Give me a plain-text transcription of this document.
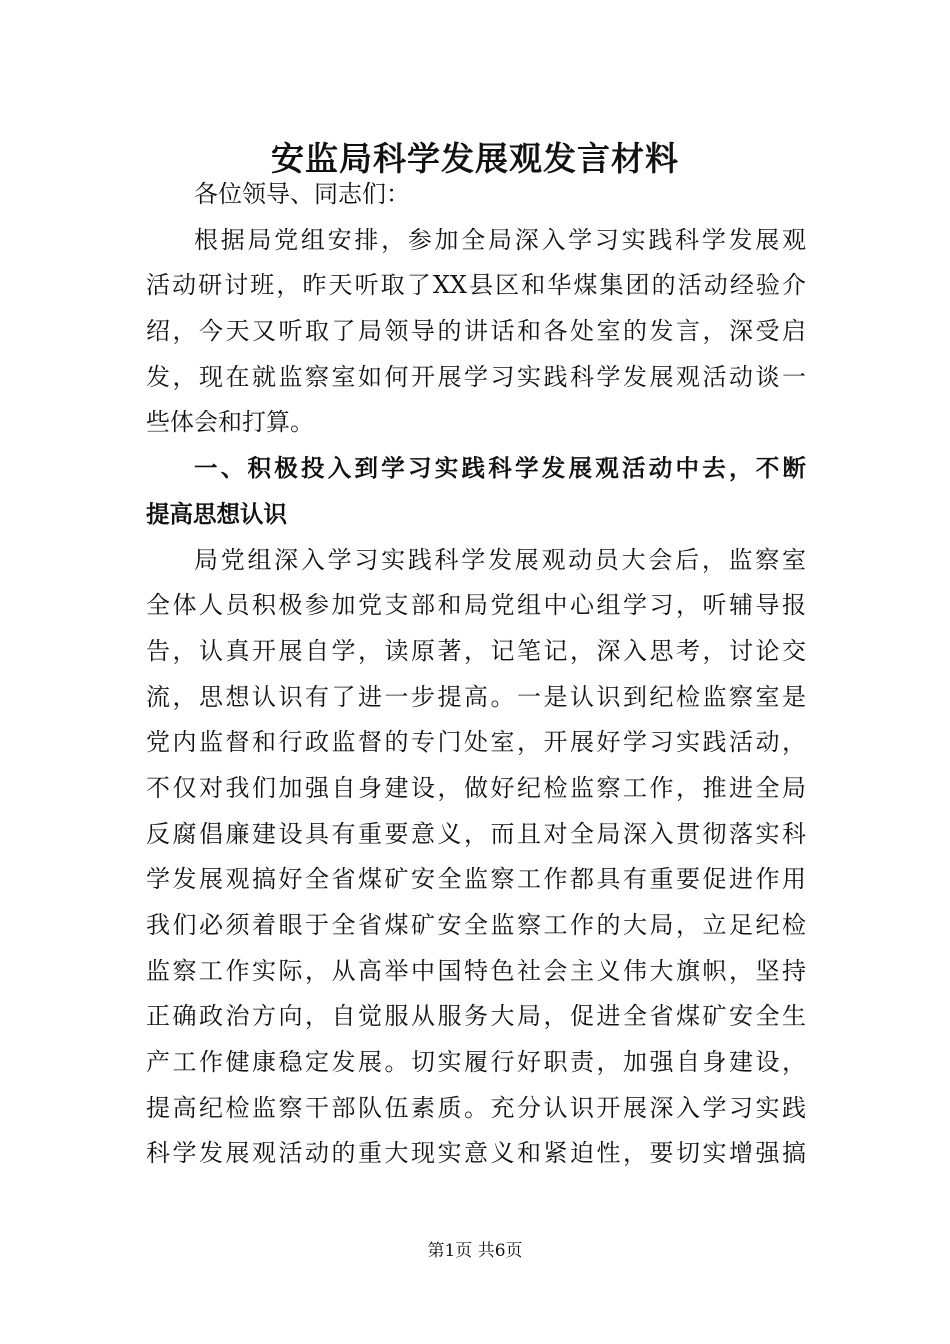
安监局科学发展观发言材料
各位领导、同志们：
根据局党组安排，参加全局深入学习实践科学发展观
活动研讨班，昨天听取了XX县区和华煤集团的活动经验介
绍，今天又听取了局领导的讲话和各处室的发言，深受启
发，现在就监察室如何开展学习实践科学发展观活动谈一
些体会和打算。
一、积极投入到学习实践科学发展观活动中去，不断
提高思想认识
局党组深入学习实践科学发展观动员大会后，监察室
全体人员积极参加党支部和局党组中心组学习，听辅导报
告，认真开展自学，读原著，记笔记，深入思考，讨论交
流，思想认识有了进一步提高。一是认识到纪检监察室是
党内监督和行政监督的专门处室，开展好学习实践活动，
不仅对我们加强自身建设，做好纪检监察工作，推进全局
反腐倡廉建设具有重要意义，而且对全局深入贯彻落实科
学发展观搞好全省煤矿安全监察工作都具有重要促进作用
我们必须着眼于全省煤矿安全监察工作的大局，立足纪检
监察工作实际，从高举中国特色社会主义伟大旗帜，坚持
正确政治方向，自觉服从服务大局，促进全省煤矿安全生
产工作健康稳定发展。切实履行好职责，加强自身建设，
提高纪检监察干部队伍素质。充分认识开展深入学习实践
科学发展观活动的重大现实意义和紧迫性，要切实增强搞
第1页 共6页
